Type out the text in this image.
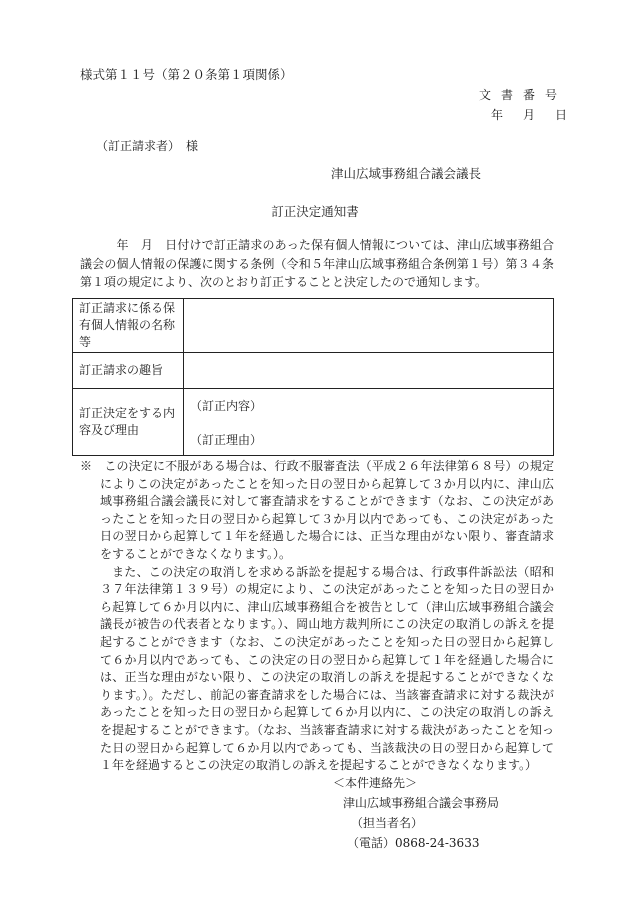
様式第１１号（第２０条第１項関係）
文書番号
年 月 日
（訂正請求者）　様
津山広域事務組合議会議長
訂正決定通知書
　　　年　月　日付けで訂正請求のあった保有個人情報については、津山広域事務組合議会の個人情報の保護に関する条例（令和５年津山広域事務組合条例第１号）第３４条第１項の規定により、次のとおり訂正することと決定したので通知します。
訂正請求に係る保有個人情報の名称等	
訂正請求の趣旨	
訂正決定をする内容及び理由	（訂正内容）
（訂正理由）

※　この決定に不服がある場合は、行政不服審査法（平成２６年法律第６８号）の規定によりこの決定があったことを知った日の翌日から起算して３か月以内に、津山広域事務組合議会議長に対して審査請求をすることができます（なお、この決定があったことを知った日の翌日から起算して３か月以内であっても、この決定があった日の翌日から起算して１年を経過した場合には、正当な理由がない限り、審査請求をすることができなくなります。）。

また、この決定の取消しを求める訴訟を提起する場合は、行政事件訴訟法（昭和３７年法律第１３９号）の規定により、この決定があったことを知った日の翌日から起算して６か月以内に、津山広域事務組合を被告として（津山広域事務組合議会議長が被告の代表者となります。）、岡山地方裁判所にこの決定の取消しの訴えを提起することができます（なお、この決定があったことを知った日の翌日から起算して６か月以内であっても、この決定の日の翌日から起算して１年を経過した場合には、正当な理由がない限り、この決定の取消しの訴えを提起することができなくなります。）。ただし、前記の審査請求をした場合には、当該審査請求に対する裁決があったことを知った日の翌日から起算して６か月以内に、この決定の取消しの訴えを提起することができます。（なお、当該審査請求に対する裁決があったことを知った日の翌日から起算して６か月以内であっても、当該裁決の日の翌日から起算して１年を経過するとこの決定の取消しの訴えを提起することができなくなります。）

＜本件連絡先＞
津山広域事務組合議会事務局
（担当者名）
（電話）0868-24-3633
